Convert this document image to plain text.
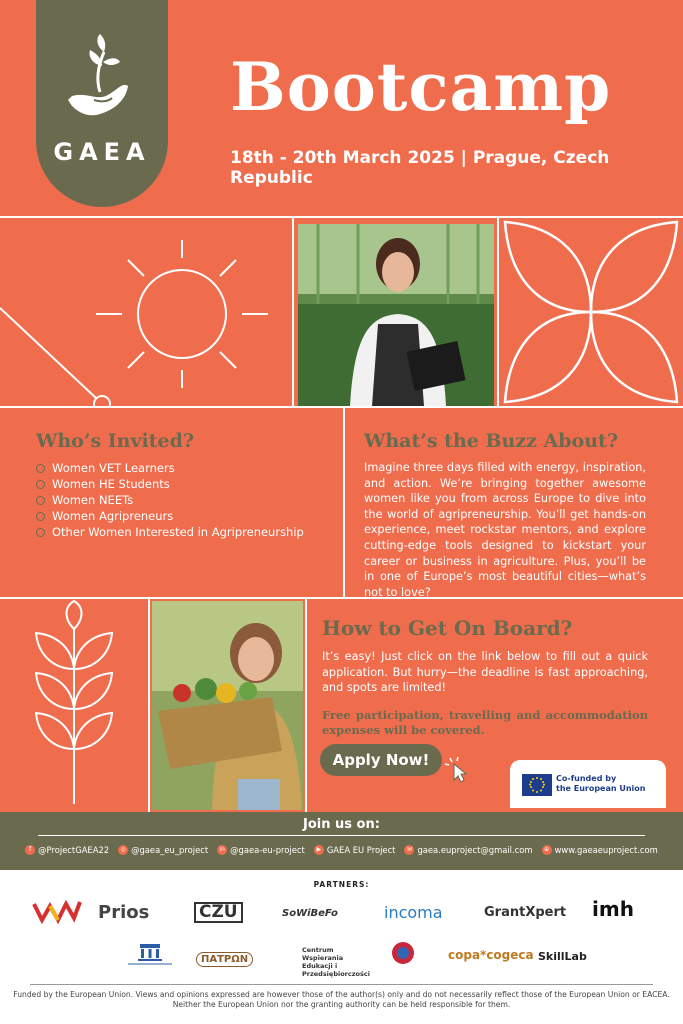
GAEA
Bootcamp
18th - 20th March 2025 | Prague, Czech Republic
Who’s Invited?
Women VET Learners
Women HE Students
Women NEETs
Women Agripreneurs
Other Women Interested in Agripreneurship
What’s the Buzz About?

Imagine three days filled with energy, inspiration, and action. We’re bringing together awesome women like you from across Europe to dive into the world of agripreneurship. You’ll get hands-on experience, meet rockstar mentors, and explore cutting-edge tools designed to kickstart your career or business in agriculture. Plus, you’ll be in one of Europe’s most beautiful cities—what’s not to love?

How to Get On Board?

It’s easy! Just click on the link below to fill out a quick application. But hurry—the deadline is fast approaching, and spots are limited!

Free participation, travelling and accommodation expenses will be covered.

Apply Now!
Co-funded by
the European Union
Join us on:
f @ProjectGAEA22	◎ @gaea_eu_project	in @gaea-eu-project	▶ GAEA EU Project	✉ gaea.euproject@gmail.com	⊕ www.gaeaeuproject.com
PARTNERS:
Prios	CZU	SoWiBeFo	incoma	GrantXpert imh
ΠΑΤΡΩΝ
Centrum Wspierania Edukacji i Przedsiębiorczości
copa*cogeca SkillLab
Funded by the European Union. Views and opinions expressed are however those of the author(s) only and do not necessarily reflect those of the European Union or EACEA.
Neither the European Union nor the granting authority can be held responsible for them.
